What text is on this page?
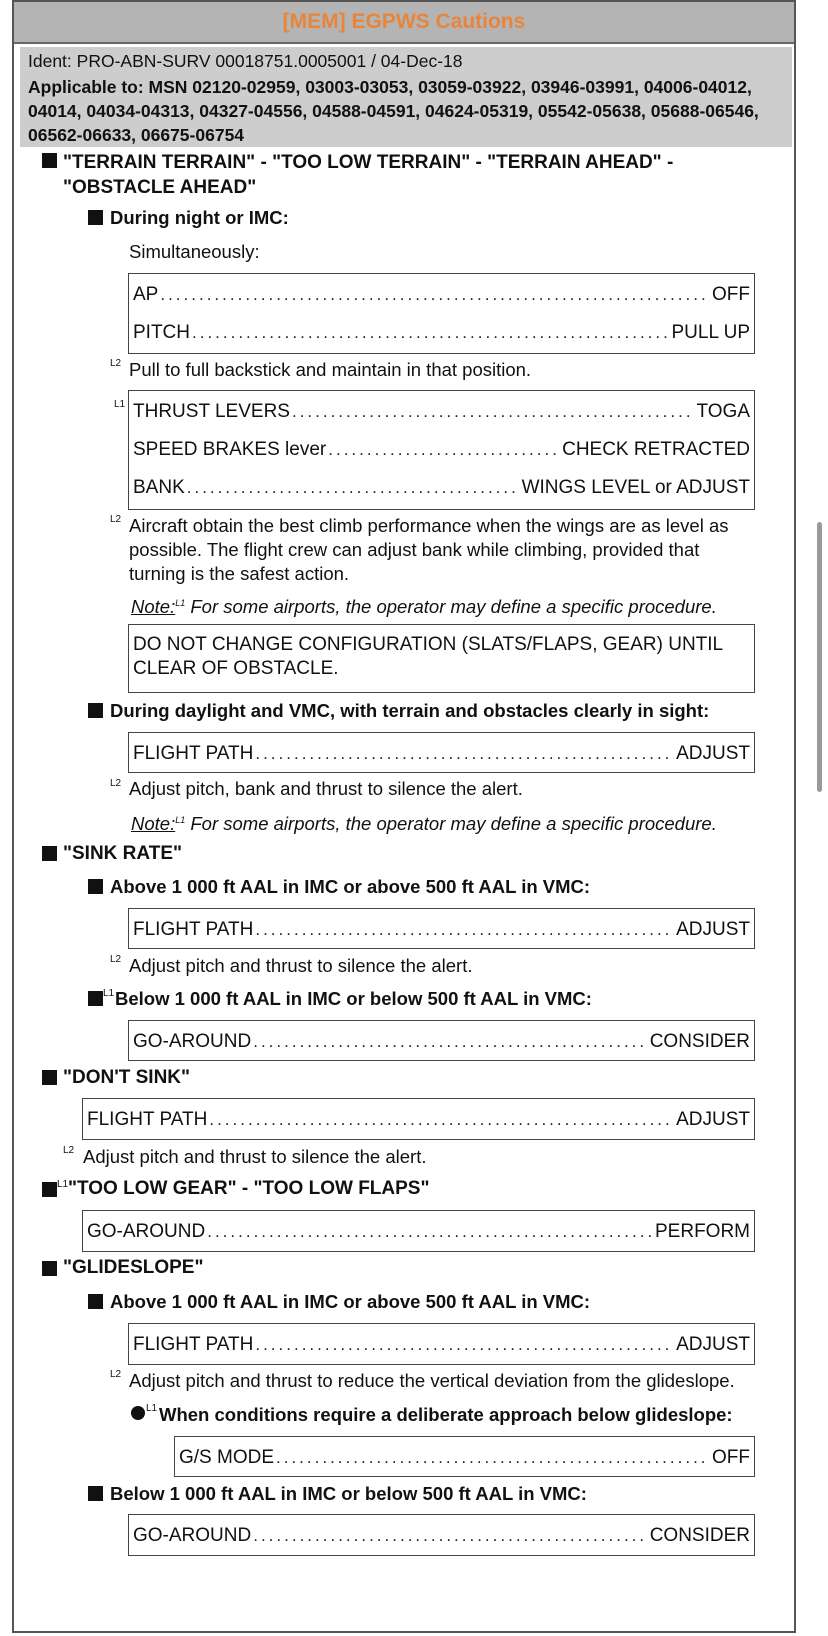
[MEM] EGPWS Cautions
Ident: PRO-ABN-SURV 00018751.0005001 / 04-Dec-18
Applicable to: MSN 02120-02959, 03003-03053, 03059-03922, 03946-03991, 04006-04012, 04014, 04034-04313, 04327-04556, 04588-04591, 04624-05319, 05542-05638, 05688-06546, 06562-06633, 06675-06754
"TERRAIN TERRAIN" - "TOO LOW TERRAIN" - "TERRAIN AHEAD" - "OBSTACLE AHEAD"
During night or IMC:
Simultaneously:
AP .....	OFF
PITCH .....	PULL UP
L2 Pull to full backstick and maintain in that position.
L1 THRUST LEVERS .....	TOGA
SPEED BRAKES lever .....	CHECK RETRACTED
BANK .....	WINGS LEVEL or ADJUST
L2 Aircraft obtain the best climb performance when the wings are as level as possible. The flight crew can adjust bank while climbing, provided that turning is the safest action.
Note:$^{L1}$ For some airports, the operator may define a specific procedure.
DO NOT CHANGE CONFIGURATION (SLATS/FLAPS, GEAR) UNTIL CLEAR OF OBSTACLE.
During daylight and VMC, with terrain and obstacles clearly in sight:
FLIGHT PATH .....	ADJUST
L2 Adjust pitch, bank and thrust to silence the alert.
Note:$^{L1}$ For some airports, the operator may define a specific procedure.
"SINK RATE"
Above 1 000 ft AAL in IMC or above 500 ft AAL in VMC:
FLIGHT PATH .....	ADJUST
L2 Adjust pitch and thrust to silence the alert.
L1 Below 1 000 ft AAL in IMC or below 500 ft AAL in VMC:
GO-AROUND .....	CONSIDER
"DON'T SINK"
FLIGHT PATH .....	ADJUST
L2 Adjust pitch and thrust to silence the alert.
L1 "TOO LOW GEAR" - "TOO LOW FLAPS"
GO-AROUND .....	PERFORM
"GLIDESLOPE"
Above 1 000 ft AAL in IMC or above 500 ft AAL in VMC:
FLIGHT PATH .....	ADJUST
L2 Adjust pitch and thrust to reduce the vertical deviation from the glideslope.
L1 When conditions require a deliberate approach below glideslope:
G/S MODE .....	OFF
Below 1 000 ft AAL in IMC or below 500 ft AAL in VMC:
GO-AROUND .....	CONSIDER
